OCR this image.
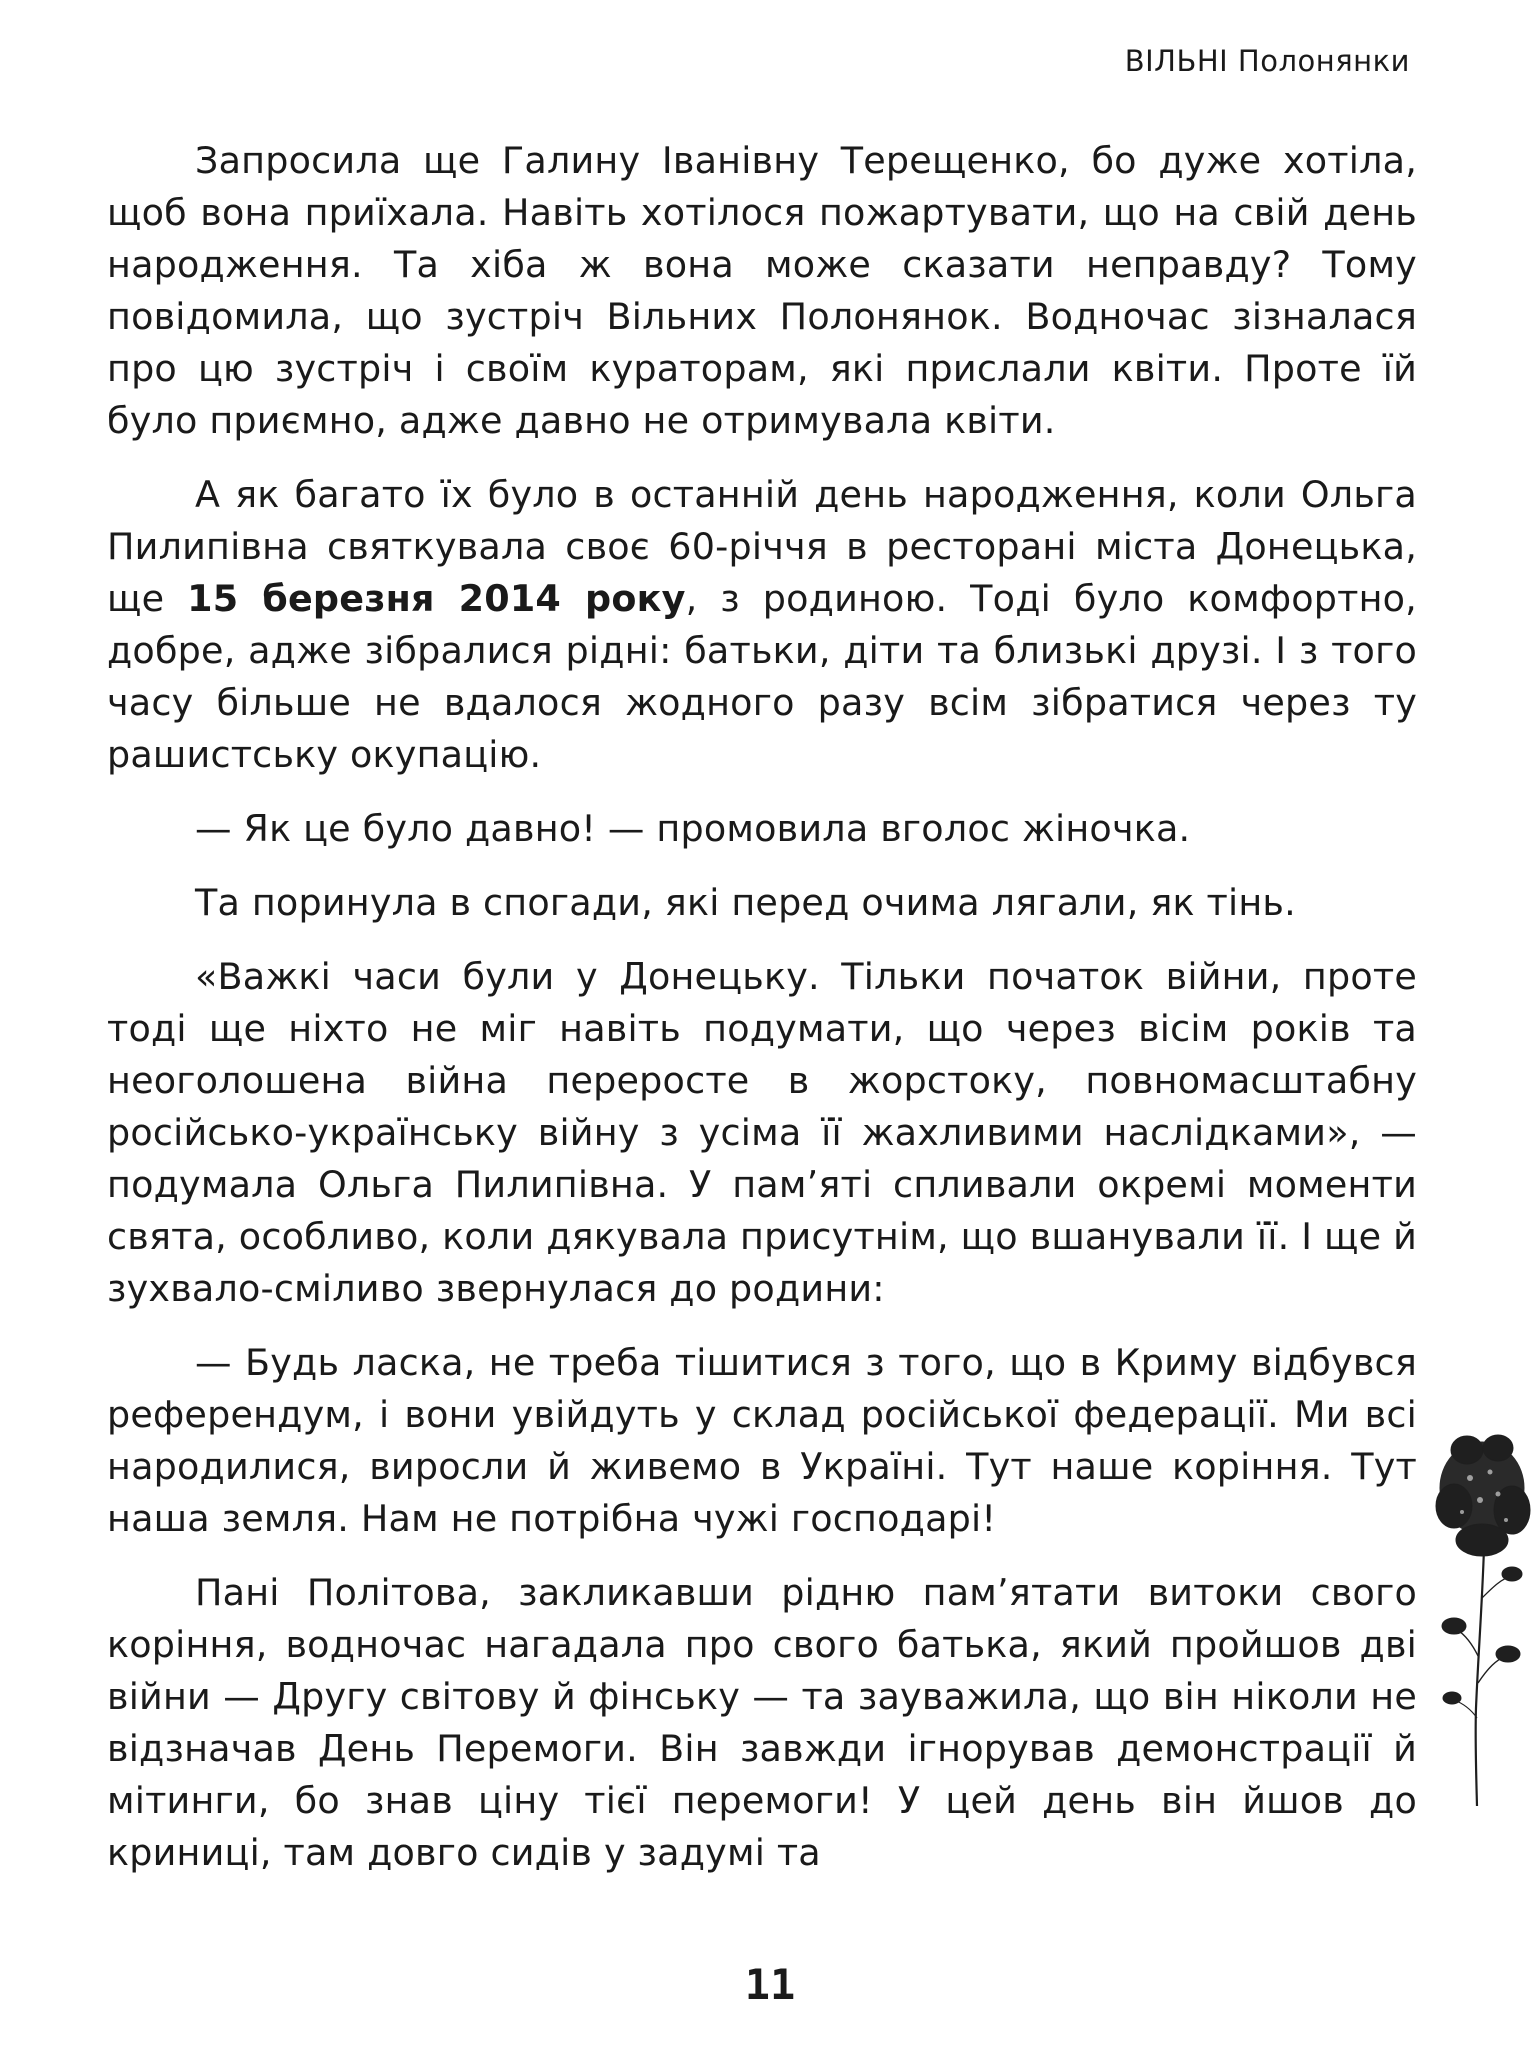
ВІЛЬНІ Полонянки

Запросила ще Галину Іванівну Терещенко, бо дуже хотіла, щоб вона приїхала. Навіть хотілося пожартувати, що на свій день народження. Та хіба ж вона може сказати неправду? Тому повідомила, що зустріч Вільних Полонянок. Водночас зізналася про цю зустріч і своїм кураторам, які прислали квіти. Проте їй було приємно, адже давно не отримувала квіти.

А як багато їх було в останній день народження, коли Ольга Пилипівна святкувала своє 60-річчя в ресторані міста Донецька, ще 15 березня 2014 року, з родиною. Тоді було комфортно, добре, адже зібралися рідні: батьки, діти та близькі друзі. І з того часу більше не вдалося жодного разу всім зібратися через ту рашистську окупацію.

— Як це було давно! — промовила вголос жіночка.

Та поринула в спогади, які перед очима лягали, як тінь.

«Важкі часи були у Донецьку. Тільки початок війни, проте тоді ще ніхто не міг навіть подумати, що через вісім років та неоголошена війна переросте в жорстоку, повномасштабну російсько-українську війну з усіма її жахливими наслідками», — подумала Ольга Пилипівна. У пам’яті спливали окремі моменти свята, особливо, коли дякувала присутнім, що вшанували її. І ще й зухвало-сміливо звернулася до родини:

— Будь ласка, не треба тішитися з того, що в Криму відбувся референдум, і вони увійдуть у склад російської федерації. Ми всі народилися, виросли й живемо в Україні. Тут наше коріння. Тут наша земля. Нам не потрібна чужі господарі!

Пані Політова, закликавши рідню пам’ятати витоки свого коріння, водночас нагадала про свого батька, який пройшов дві війни — Другу світову й фінську — та зауважила, що він ніколи не відзначав День Перемоги. Він завжди ігнорував демонстрації й мітинги, бо знав ціну тієї перемоги! У цей день він йшов до криниці, там довго сидів у задумі та

11
